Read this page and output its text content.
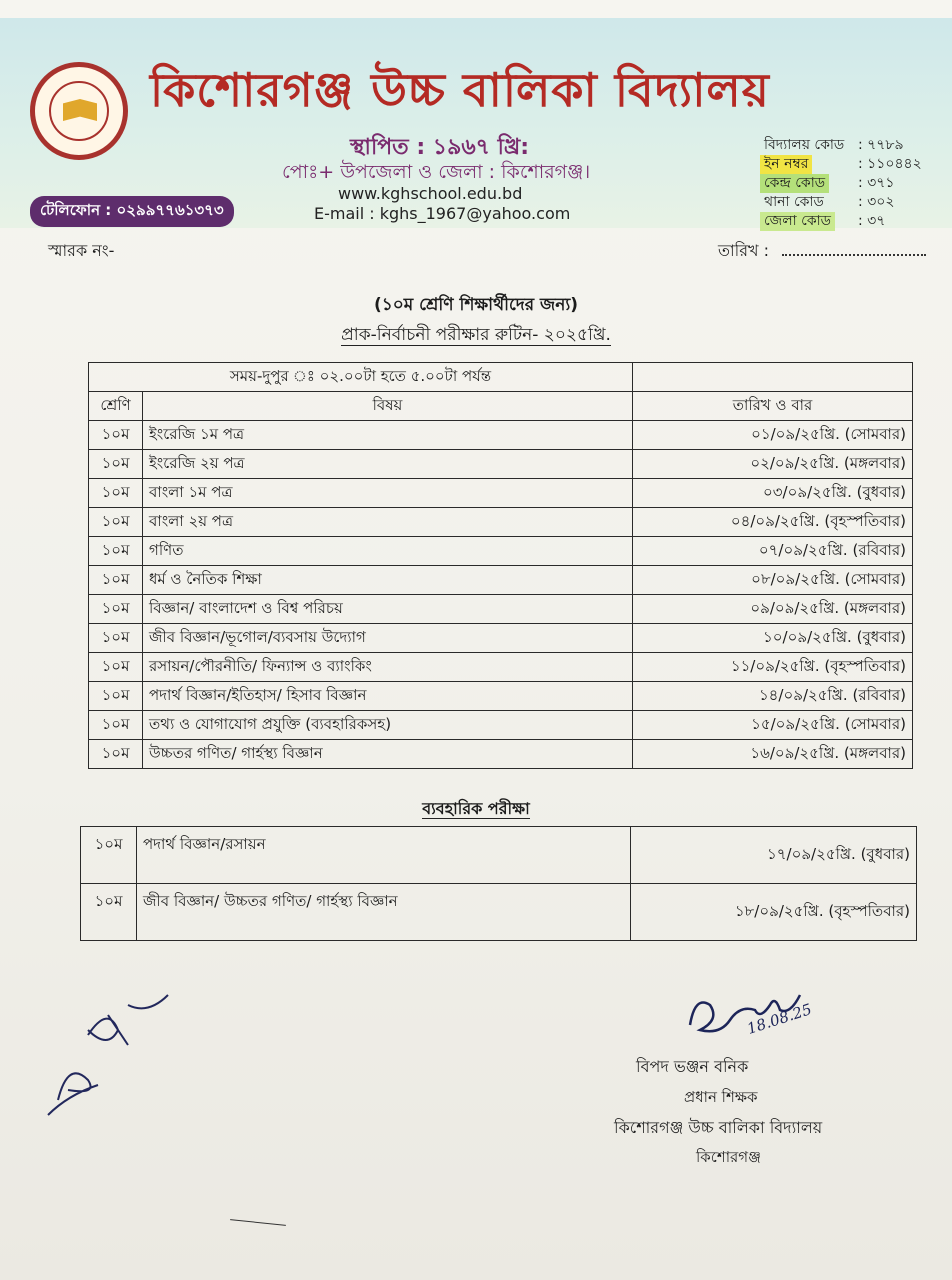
কিশোরগঞ্জ উচ্চ বালিকা বিদ্যালয়
স্থাপিত : ১৯৬৭ খ্রি:
পোঃ+ উপজেলা ও জেলা : কিশোরগঞ্জ।
www.kghschool.edu.bd
E-mail : kghs_1967@yahoo.com
টেলিফোন : ০২৯৯৭৭৬১৩৭৩
বিদ্যালয় কোড : ৭৭৮৯
ইন নম্বর	: ১১০৪৪২
কেন্দ্র কোড : ৩৭১
থানা কোড : ৩০২
জেলা কোড : ৩৭
স্মারক নং-	তারিখ :
(১০ম শ্রেণি শিক্ষার্থীদের জন্য)
প্রাক-নির্বাচনী পরীক্ষার রুটিন- ২০২৫খ্রি.
সময়-দুপুর ঃ ০২.০০টা হতে ৫.০০টা পর্যন্ত		
শ্রেণি	বিষয়	তারিখ ও বার
১০ম	ইংরেজি ১ম পত্র	০১/০৯/২৫খ্রি. (সোমবার)
১০ম	ইংরেজি ২য় পত্র	০২/০৯/২৫খ্রি. (মঙ্গলবার)
১০ম	বাংলা ১ম পত্র	০৩/০৯/২৫খ্রি. (বুধবার)
১০ম	বাংলা ২য় পত্র	০৪/০৯/২৫খ্রি. (বৃহস্পতিবার)
১০ম	গণিত	০৭/০৯/২৫খ্রি. (রবিবার)
১০ম	ধর্ম ও নৈতিক শিক্ষা	০৮/০৯/২৫খ্রি. (সোমবার)
১০ম	বিজ্ঞান/ বাংলাদেশ ও বিশ্ব পরিচয়	০৯/০৯/২৫খ্রি. (মঙ্গলবার)
১০ম	জীব বিজ্ঞান/ভূগোল/ব্যবসায় উদ্যোগ	১০/০৯/২৫খ্রি. (বুধবার)
১০ম	রসায়ন/পৌরনীতি/ ফিন্যান্স ও ব্যাংকিং	১১/০৯/২৫খ্রি. (বৃহস্পতিবার)
১০ম	পদার্থ বিজ্ঞান/ইতিহাস/ হিসাব বিজ্ঞান	১৪/০৯/২৫খ্রি. (রবিবার)
১০ম	তথ্য ও যোগাযোগ প্রযুক্তি (ব্যবহারিকসহ)	১৫/০৯/২৫খ্রি. (সোমবার)
১০ম	উচ্চতর গণিত/ গার্হস্থ্য বিজ্ঞান	১৬/০৯/২৫খ্রি. (মঙ্গলবার)
ব্যবহারিক পরীক্ষা
১০ম	পদার্থ বিজ্ঞান/রসায়ন	১৭/০৯/২৫খ্রি. (বুধবার)
১০ম	জীব বিজ্ঞান/ উচ্চতর গণিত/ গার্হস্থ্য বিজ্ঞান	১৮/০৯/২৫খ্রি. (বৃহস্পতিবার)
18.08.25
বিপদ ভঞ্জন বনিক
প্রধান শিক্ষক
কিশোরগঞ্জ উচ্চ বালিকা বিদ্যালয়
কিশোরগঞ্জ
